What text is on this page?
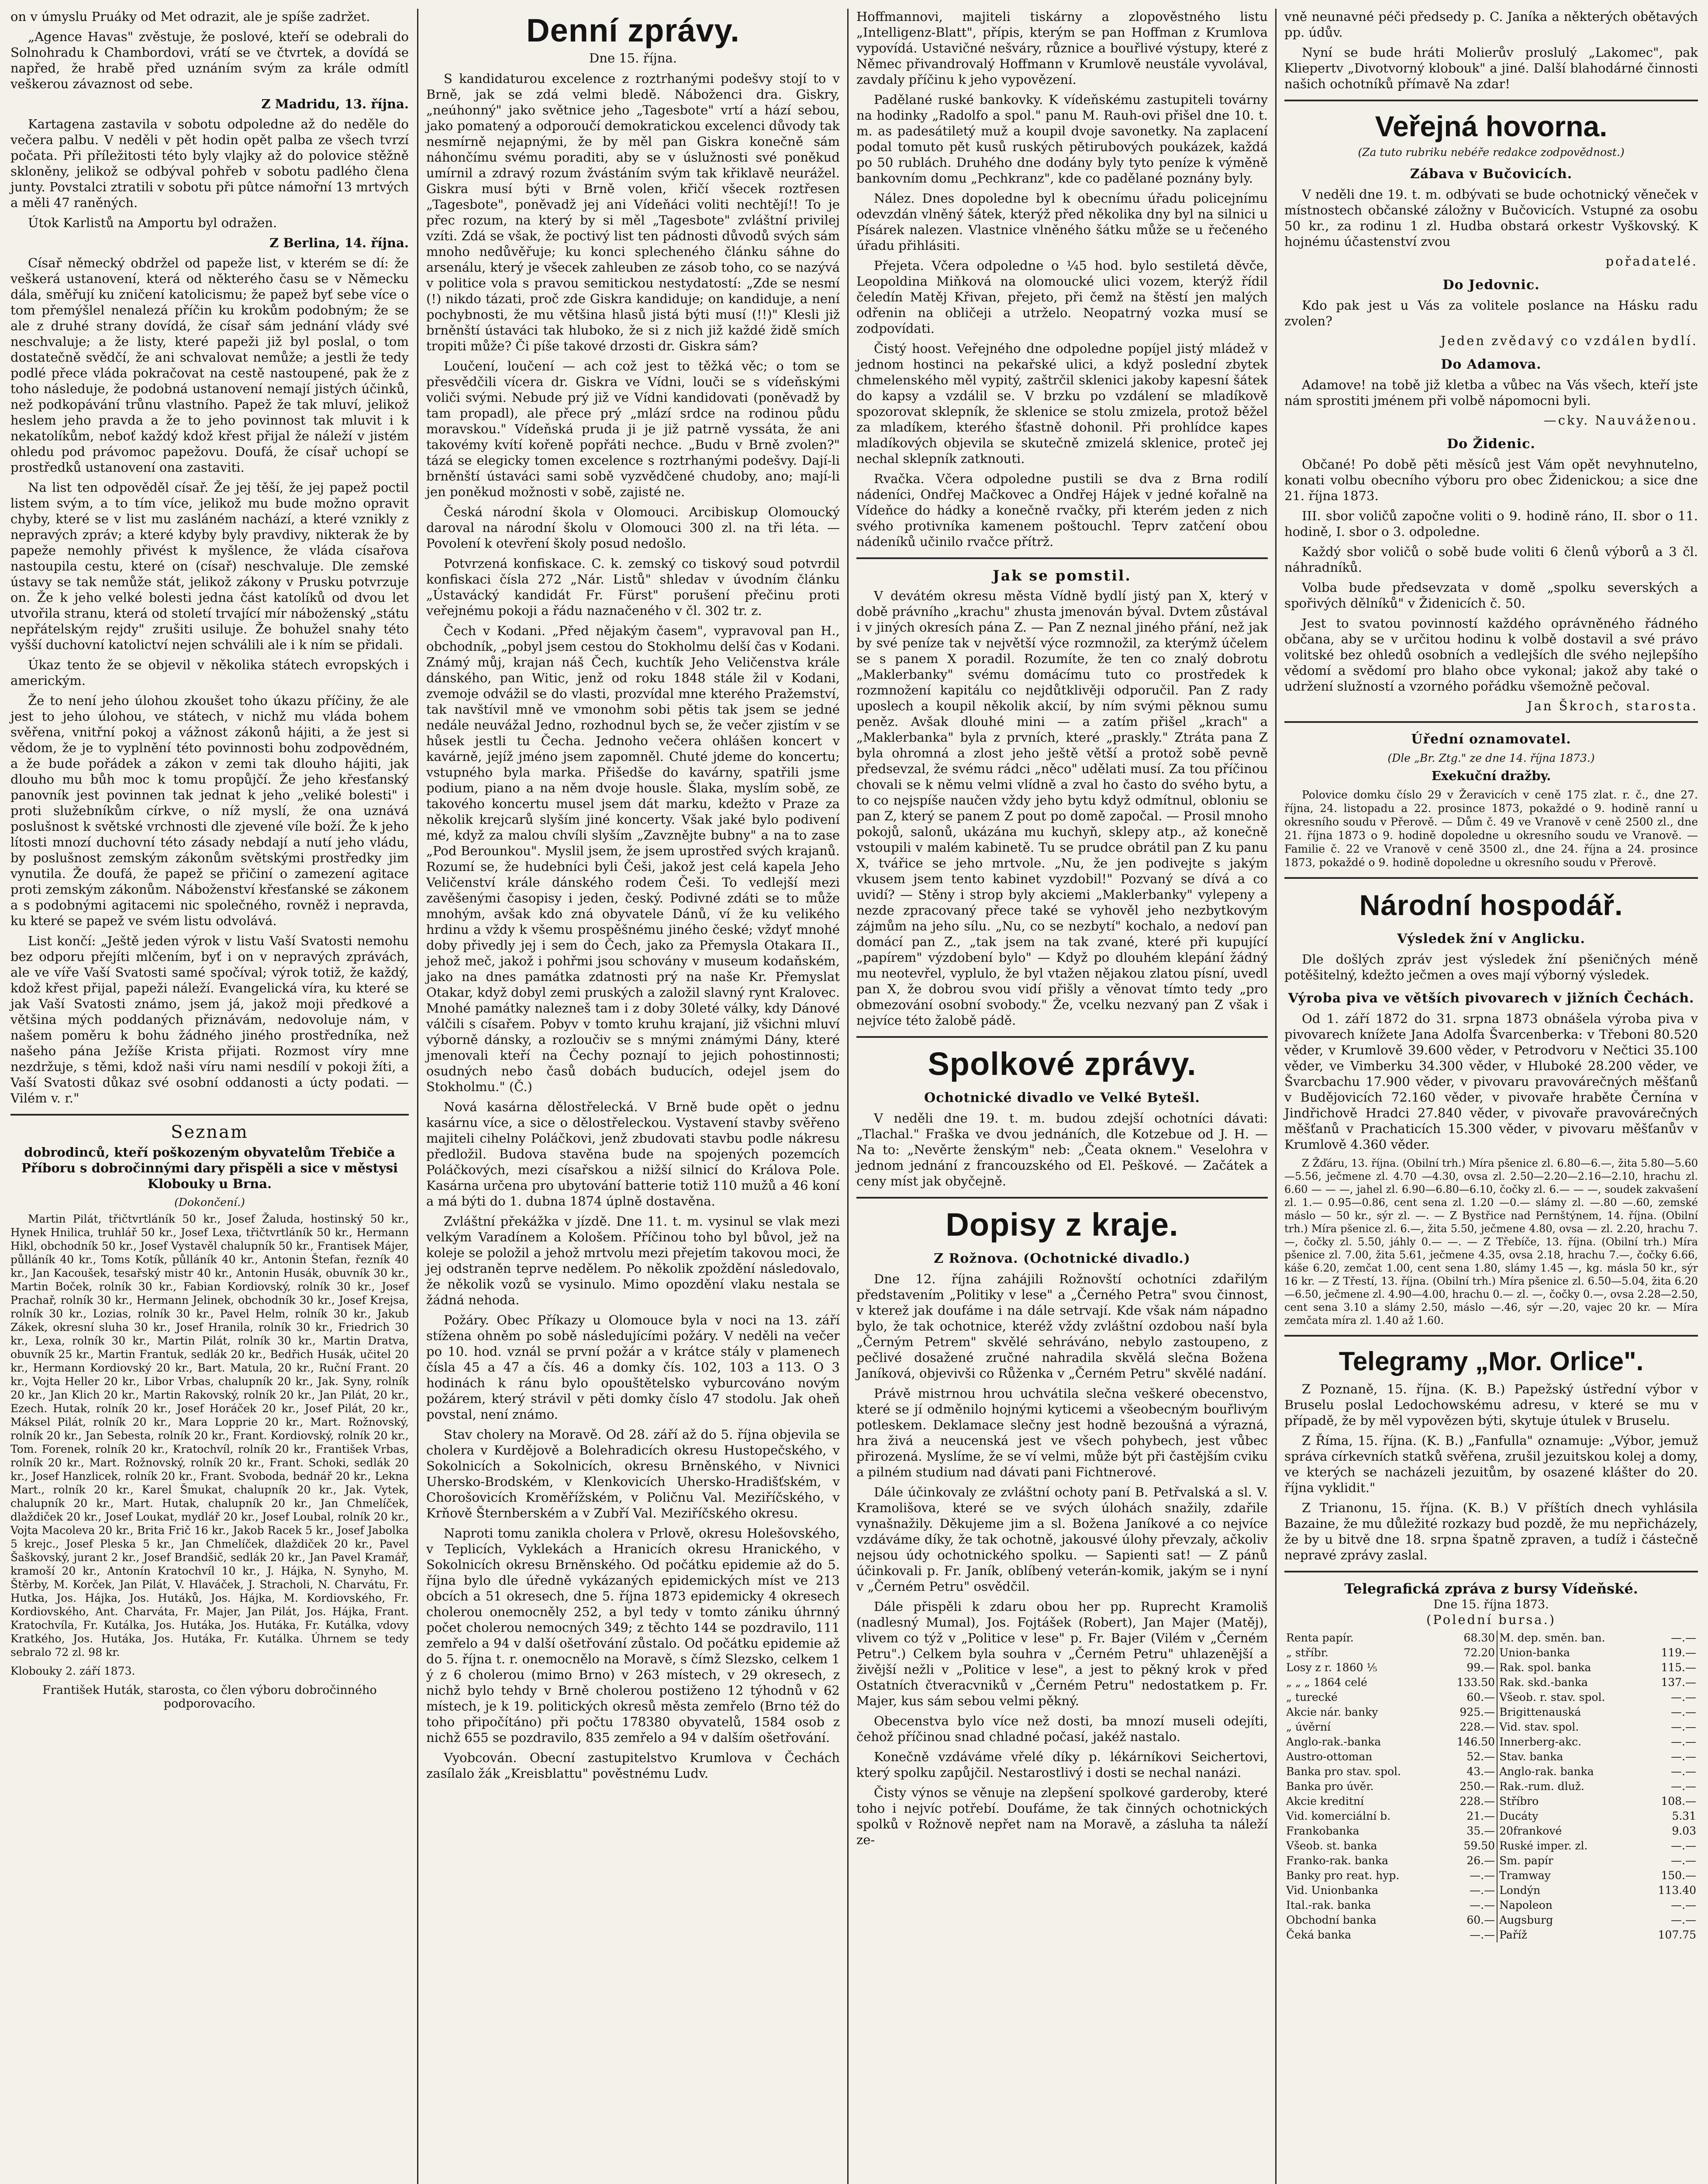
on v úmyslu Pruáky od Met odrazit, ale je spíše zadržet.

„Agence Havas" zvěstuje, že poslové, kteří se odebrali do Solnohradu k Chambordovi, vrátí se ve čtvrtek, a dovídá se napřed, že hrabě před uznáním svým za krále odmítl veškerou závaznost od sebe.

Z Madridu, 13. října.

Kartagena zastavila v sobotu odpoledne až do neděle do večera palbu. V neděli v pět hodin opět palba ze všech tvrzí počata. Při příležitosti této byly vlajky až do polovice stěžně skloněny, jelikož se odbýval pohřeb v sobotu padlého člena junty. Povstalci ztratili v sobotu při pûtce námořní 13 mrtvých a měli 47 raněných.

Útok Karlistů na Amportu byl odražen.

Z Berlina, 14. října.

Císař německý obdržel od papeže list, v kterém se dí: že veškerá ustanovení, která od některého času se v Německu dála, směřují ku zničení katolicismu; že papež byť sebe více o tom přemýšlel nenalezá příčin ku krokům podobným; že se ale z druhé strany dovídá, že císař sám jednání vlády své neschvaluje; a že listy, které papeži již byl poslal, o tom dostatečně svědčí, že ani schvalovat nemůže; a jestli že tedy podlé přece vláda pokračovat na cestě nastoupené, pak že z toho následuje, že podobná ustanovení nemají jistých účinků, než podkopávání trůnu vlastního. Papež že tak mluví, jelikož heslem jeho pravda a že to jeho povinnost tak mluvit i k nekatolíkům, neboť každý kdož křest přijal že náleží v jistém ohledu pod právomoc papežovu. Doufá, že císař uchopí se prostředků ustanovení ona zastaviti.

Na list ten odpověděl císař. Že jej těší, že jej papež poctil listem svým, a to tím více, jelikož mu bude možno opravit chyby, které se v list mu zasláném nachází, a které vznikly z nepravých zpráv; a které kdyby byly pravdivy, nikterak že by papeže nemohly přivést k myšlence, že vláda císařova nastoupila cestu, které on (císař) neschvaluje. Dle zemské ústavy se tak nemůže stát, jelikož zákony v Prusku potvrzuje on. Že k jeho velké bolesti jedna část katolíků od dvou let utvořila stranu, která od století trvající mír náboženský „státu nepřátelským rejdy" zrušiti usiluje. Že bohužel snahy této vyšší duchovní katolictví nejen schválili ale i k ním se přidali.

Úkaz tento že se objevil v několika státech evropských i americkým.

Že to není jeho úlohou zkoušet toho úkazu příčiny, že ale jest to jeho úlohou, ve státech, v nichž mu vláda bohem svěřena, vnitřní pokoj a vážnost zákonů hájiti, a že jest si vědom, že je to vyplnění této povinnosti bohu zodpovědném, a že bude pořádek a zákon v zemi tak dlouho hájiti, jak dlouho mu bůh moc k tomu propůjčí. Že jeho křesťanský panovník jest povinnen tak jednat k jeho „veliké bolesti" i proti služebníkům církve, o níž myslí, že ona uznává poslušnost k světské vrchnosti dle zjevené víle boží. Že k jeho lítosti mnozí duchovní této zásady nebdají a nutí jeho vládu, by poslušnost zemským zákonům světskými prostředky jim vynutila. Že doufá, že papež se přičiní o zamezení agitace proti zemským zákonům. Náboženství křesťanské se zákonem a s podobnými agitacemi nic společného, rovněž i nepravda, ku které se papež ve svém listu odvolává.

List končí: „Ještě jeden výrok v listu Vaší Svatosti nemohu bez odporu přejíti mlčením, byť i on v nepravých zprávách, ale ve víře Vaší Svatosti samé spočíval; výrok totiž, že každý, kdož křest přijal, papeži náleží. Evangelická víra, ku které se jak Vaší Svatosti známo, jsem já, jakož moji předkové a většina mých poddaných přiznávám, nedovoluje nám, v našem poměru k bohu žádného jiného prostředníka, než našeho pána Ježíše Krista přijati. Rozmost víry mne nezdržuje, s těmi, kdož naši víru nami nesdílí v pokoji žíti, a Vaší Svatosti důkaz své osobní oddanosti a úcty podati. — Vilém v. r."

Seznam

dobrodinců, kteří poškozeným obyvatelům Třebiče a Příboru s dobročinnými dary přispěli a sice v městysi Klobouky u Brna.

(Dokončení.)

Martin Pilát, třičtvrtláník 50 kr., Josef Žaluda, hostinský 50 kr., Hynek Hnilica, truhlář 50 kr., Josef Lexa, třičtvrtláník 50 kr., Hermann Hikl, obchodník 50 kr., Josef Vystavěl chalupník 50 kr., Frantisek Májer, půlláník 40 kr., Toms Kotík, půlláník 40 kr., Antonin Štefan, řezník 40 kr., Jan Kacoušek, tesařský mistr 40 kr., Antonin Husák, obuvník 30 kr., Martin Boček, rolník 30 kr., Fabian Kordiovský, rolník 30 kr., Josef Prachař, rolník 30 kr., Hermann Jelinek, obchodník 30 kr., Josef Krejsa, rolník 30 kr., Lozias, rolník 30 kr., Pavel Helm, rolník 30 kr., Jakub Zákek, okresní sluha 30 kr., Josef Hranila, rolník 30 kr., Friedrich 30 kr., Lexa, rolník 30 kr., Martin Pilát, rolník 30 kr., Martin Dratva, obuvník 25 kr., Martin Frantuk, sedlák 20 kr., Bedřich Husák, učitel 20 kr., Hermann Kordiovský 20 kr., Bart. Matula, 20 kr., Ruční Frant. 20 kr., Vojta Heller 20 kr., Libor Vrbas, chalupník 20 kr., Jak. Syny, rolník 20 kr., Jan Klich 20 kr., Martin Rakovský, rolník 20 kr., Jan Pilát, 20 kr., Ezech. Hutak, rolník 20 kr., Josef Horáček 20 kr., Josef Pilát, 20 kr., Máksel Pilát, rolník 20 kr., Mara Lopprie 20 kr., Mart. Rožnovský, rolník 20 kr., Jan Sebesta, rolník 20 kr., Frant. Kordiovský, rolník 20 kr., Tom. Forenek, rolník 20 kr., Kratochvíl, rolník 20 kr., František Vrbas, rolník 20 kr., Mart. Rožnovský, rolník 20 kr., Frant. Schoki, sedlák 20 kr., Josef Hanzlicek, rolník 20 kr., Frant. Svoboda, bednář 20 kr., Lekna Mart., rolník 20 kr., Karel Šmukat, chalupník 20 kr., Jak. Vytek, chalupník 20 kr., Mart. Hutak, chalupník 20 kr., Jan Chmelíček, dlaždiček 20 kr., Josef Loukat, mydlář 20 kr., Josef Loubal, rolník 20 kr., Vojta Macoleva 20 kr., Brita Frič 16 kr., Jakob Racek 5 kr., Josef Jabolka 5 krejc., Josef Pleska 5 kr., Jan Chmelíček, dlaždiček 20 kr., Pavel Šaškovský, jurant 2 kr., Josef Brandšič, sedlák 20 kr., Jan Pavel Kramář, kramoší 20 kr., Antonín Kratochvíl 10 kr., J. Hájka, N. Synyho, M. Štěrby, M. Korček, Jan Pilát, V. Hlaváček, J. Stracholi, N. Charvátu, Fr. Hutka, Jos. Hájka, Jos. Hutáků, Jos. Hájka, M. Kordiovského, Fr. Kordiovského, Ant. Charváta, Fr. Majer, Jan Pilát, Jos. Hájka, Frant. Kratochvíla, Fr. Kutálka, Jos. Hutáka, Jos. Hutáka, Fr. Kutálka, vdovy Kratkého, Jos. Hutáka, Jos. Hutáka, Fr. Kutálka. Úhrnem se tedy sebralo 72 zl. 98 kr.

Klobouky 2. září 1873.

František Huták, starosta, co člen výboru dobročinného podporovacího.

Denní zprávy.
Dne 15. října.

S kandidaturou excelence z roztrhanými podešvy stojí to v Brně, jak se zdá velmi bledě. Náboženci dra. Giskry, „neúhonný" jako světnice jeho „Tagesbote" vrtí a hází sebou, jako pomatený a odporoučí demokratickou excelenci důvody tak nesmírně nejapnými, že by měl pan Giskra konečně sám náhončímu svému poraditi, aby se v úslužnosti své poněkud umírnil a zdravý rozum žvástáním svým tak křiklavě neurážel. Giskra musí býti v Brně volen, křičí všecek roztřesen „Tagesbote", poněvadž jej ani Vídeňáci voliti nechtějí!! To je přec rozum, na který by si měl „Tagesbote" zvláštní privilej vzíti. Zdá se však, že poctivý list ten pádnosti důvodů svých sám mnoho nedůvěřuje; ku konci splecheného článku sáhne do arsenálu, který je všecek zahleuben ze zásob toho, co se nazývá v politice vola s pravou semitickou nestydatostí: „Zde se nesmí (!) nikdo tázati, proč zde Giskra kandiduje; on kandiduje, a není pochybnosti, že mu většina hlasů jistá býti musí (!!)" Klesli již brněnští ústaváci tak hluboko, že si z nich již každé židě smích tropiti může? Či píše takové drzosti dr. Giskra sám?

Loučení, loučení — ach což jest to těžká věc; o tom se přesvědčili vícera dr. Giskra ve Vídni, louči se s vídeňskými voliči svými. Nebude prý již ve Vídni kandidovati (poněvadž by tam propadl), ale přece prý „mlází srdce na rodinou půdu moravskou." Vídeňská pruda ji je již patrně vyssáta, že ani takovémy kvítí kořeně popřáti nechce. „Budu v Brně zvolen?" tázá se elegicky tomen excelence s roztrhanými podešvy. Dají-li brněnští ústaváci sami sobě vyzvědčené chudoby, ano; mají-li jen poněkud možnosti v sobě, zajisté ne.

Česká národní škola v Olomouci. Arcibiskup Olomoucký daroval na národní školu v Olomouci 300 zl. na tři léta. — Povolení k otevření školy posud nedošlo.

Potvrzená konfiskace. C. k. zemský co tiskový soud potvrdil konfiskaci čísla 272 „Nár. Listů" shledav v úvodním článku „Ústavácký kandidát Fr. Fürst" porušení přečinu proti veřejnému pokoji a řádu naznačeného v čl. 302 tr. z.

Čech v Kodani. „Před nějakým časem", vypravoval pan H., obchodník, „pobyl jsem cestou do Stokholmu delší čas v Kodani. Známý můj, krajan náš Čech, kuchtík Jeho Veličenstva krále dánského, pan Witic, jenž od roku 1848 stále žil v Kodani, zvemoje odvážil se do vlasti, prozvídal mne kterého Pražemství, tak navštívil mně ve vmonohm sobi pětis tak jsem se jedné nedále neuvážal Jedno, rozhodnul bych se, že večer zjistím v se hůsek jestli tu Čecha. Jednoho večera ohlášen koncert v kavárně, jejíž jméno jsem zapomněl. Chuté jdeme do koncertu; vstupného byla marka. Přišedše do kavárny, spatřili jsme podium, piano a na něm dvoje housle. Šlaka, myslím sobě, ze takového koncertu musel jsem dát marku, kdežto v Praze za několik krejcarů slyším jiné koncerty. Však jaké bylo podivení mé, když za malou chvíli slyším „Zavznějte bubny" a na to zase „Pod Berounkou". Myslil jsem, že jsem uprostřed svých krajanů. Rozumí se, že hudebníci byli Češi, jakož jest celá kapela Jeho Veličenství krále dánského rodem Češi. To vedlejší mezi zavěšenými časopisy i jeden, český. Podivné zdáti se to může mnohým, avšak kdo zná obyvatele Dánů, ví že ku velikého hrdinu a vždy k všemu prospěšnému jiného české; vždyť mnohé doby přivedly jej i sem do Čech, jako za Přemysla Otakara II., jehož meč, jakož i pohřmi jsou schovány v museum kodaňském, jako na dnes památka zdatnosti prý na naše Kr. Přemyslat Otakar, když dobyl zemi pruských a založil slavný rynt Kralovec. Mnohé památky nalezneš tam i z doby 30leté války, kdy Dánové válčili s císařem. Pobyv v tomto kruhu krajaní, již všichni mluví výborně dánsky, a rozloučiv se s mnými známými Dány, které jmenovali kteří na Čechy poznají to jejich pohostinnosti; osudných nebo časů dobách buducích, odejel jsem do Stokholmu." (Č.)

Nová kasárna dělostřelecká. V Brně bude opět o jednu kasárnu více, a sice o dělostřeleckou. Vystavení stavby svěřeno majiteli cihelny Poláčkovi, jenž zbudovati stavbu podle nákresu předložil. Budova stavěna bude na spojených pozemcích Poláčkových, mezi císařskou a nižší silnicí do Králova Pole. Kasárna určena pro ubytování batterie totiž 110 mužů a 46 koní a má býti do 1. dubna 1874 úplně dostavěna.

Zvláštní překážka v jízdě. Dne 11. t. m. vysinul se vlak mezi velkým Varadínem a Kološem. Příčinou toho byl bůvol, jež na koleje se položil a jehož mrtvolu mezi přejetím takovou moci, že jej odstraněn teprve nedělem. Po několik zpoždění následovalo, že několik vozů se vysinulo. Mimo opozdění vlaku nestala se žádná nehoda.

Požáry. Obec Příkazy u Olomouce byla v noci na 13. září stížena ohněm po sobě následujícími požáry. V neděli na večer po 10. hod. vznál se první požár a v krátce stály v plamenech čísla 45 a 47 a čís. 46 a domky čís. 102, 103 a 113. O 3 hodinách k ránu bylo opouštětelsko vyburcováno novým požárem, který strávil v pěti domky číslo 47 stodolu. Jak oheň povstal, není známo.

Stav cholery na Moravě. Od 28. září až do 5. října objevila se cholera v Kurdějově a Bolehradicích okresu Hustopečského, v Sokolnicích a Sokolnicích, okresu Brněnského, v Nivnici Uhersko-Brodském, v Klenkovicích Uhersko-Hradišťském, v Chorošovicích Kroměřížském, v Poličnu Val. Meziříčského, v Krňově Šternberském a v Zubří Val. Meziříčského okresu.

Naproti tomu zanikla cholera v Prlově, okresu Holešovského, v Teplicích, Vyklekách a Hranicích okresu Hranického, v Sokolnicích okresu Brněnského. Od počátku epidemie až do 5. října bylo dle úředně vykázaných epidemických míst ve 213 obcích a 51 okresech, dne 5. října 1873 epidemicky 4 okresech cholerou onemocněly 252, a byl tedy v tomto zániku úhrnný počet cholerou nemocných 349; z těchto 144 se pozdravilo, 111 zemřelo a 94 v další ošetřování zůstalo. Od počátku epidemie až do 5. října t. r. onemocnělo na Moravě, s čímž Slezsko, celkem 1 ý z 6 cholerou (mimo Brno) v 263 místech, v 29 okresech, z nichž bylo tehdy v Brně cholerou postiženo 12 týhodnů v 62 místech, je k 19. politických okresů města zemřelo (Brno též do toho připočítáno) při počtu 178380 obyvatelů, 1584 osob z nichž 655 se pozdravilo, 835 zemřelo a 94 v dalším ošetřování.

Vyobcován. Obecní zastupitelstvo Krumlova v Čechách zasílalo žák „Kreisblattu" pověstnému Ludv.

Hoffmannovi, majiteli tiskárny a zlopověstného listu „Intelligenz-Blatt", přípis, kterým se pan Hoffman z Krumlova vypovídá. Ustavičné nešváry, různice a bouřlivé výstupy, které z Němec přivandrovalý Hoffmann v Krumlově neustále vyvolával, zavdaly příčinu k jeho vypovězení.

Padělané ruské bankovky. K vídeňskému zastupiteli továrny na hodinky „Radolfo a spol." panu M. Rauh-ovi přišel dne 10. t. m. as padesátiletý muž a koupil dvoje savonetky. Na zaplacení podal tomuto pět kusů ruských pětirubových poukázek, každá po 50 rublách. Druhého dne dodány byly tyto peníze k výměně bankovním domu „Pechkranz", kde co padělané poznány byly.

Nález. Dnes dopoledne byl k obecnímu úřadu policejnímu odevzdán vlněný šátek, kterýž před několika dny byl na silnici u Písárek nalezen. Vlastnice vlněného šátku může se u řečeného úřadu přihlásiti.

Přejeta. Včera odpoledne o ¼5 hod. bylo sestiletá děvče, Leopoldina Miňková na olomoucké ulici vozem, kterýž řídil čeledín Matěj Křivan, přejeto, při čemž na štěstí jen malých odřenin na obličeji a utrželo. Neopatrný vozka musí se zodpovídati.

Čistý hoost. Veřejného dne odpoledne popíjel jistý mládež v jednom hostinci na pekařské ulici, a když poslední zbytek chmelenského měl vypitý, zaštrčil sklenici jakoby kapesní šátek do kapsy a vzdálil se. V brzku po vzdálení se mladíkově spozorovat sklepník, že sklenice se stolu zmizela, protož běžel za mladíkem, kterého šťastně dohonil. Při prohlídce kapes mladíkových objevila se skutečně zmizelá sklenice, proteč jej nechal sklepník zatknouti.

Rvačka. Včera odpoledne pustili se dva z Brna rodilí nádeníci, Ondřej Mačkovec a Ondřej Hájek v jedné kořalně na Vídeňce do hádky a konečně rvačky, při kterém jeden z nich svého protivníka kamenem poštouchl. Teprv zatčení obou nádeníků učinilo rvačce přítrž.

Jak se pomstil.

V devátém okresu města Vídně bydlí jistý pan X, který v době právního „krachu" zhusta jmenován býval. Dvtem zůstával i v jiných okresích pána Z. — Pan Z neznal jiného přání, než jak by své peníze tak v největší výce rozmnožil, za kterýmž účelem se s panem X poradil. Rozumíte, že ten co znalý dobrotu „Maklerbanky" svému domácímu tuto co prostředek k rozmnožení kapitálu co nejdůtklivěji odporučil. Pan Z rady uposlech a koupil několik akcií, by ním svými pěknou sumu peněz. Avšak dlouhé mini — a zatím přišel „krach" a „Maklerbanka" byla z prvních, které „praskly." Ztráta pana Z byla ohromná a zlost jeho ještě větší a protož sobě pevně předsevzal, že svému rádci „něco" udělati musí. Za tou příčinou chovali se k němu velmi vlídně a zval ho často do svého bytu, a to co nejspíše naučen vždy jeho bytu když odmítnul, obloniu se pan Z, který se panem Z pout po domě započal. — Prosil mnoho pokojů, salonů, ukázána mu kuchyň, sklepy atp., až konečně vstoupili v malém kabinetě. Tu se prudce obrátil pan Z ku panu X, tvářice se jeho mrtvole. „Nu, že jen podivejte s jakým vkusem jsem tento kabinet vyzdobil!" Pozvaný se dívá a co uvidí? — Stěny i strop byly akciemi „Maklerbanky" vylepeny a nezde zpracovaný přece také se vyhověl jeho nezbytkovým zájmům na jeho sílu. „Nu, co se nezbytí" kochalo, a nedoví pan domácí pan Z., „tak jsem na tak zvané, které při kupující „papírem" výzdobení bylo" — Když po dlouhém klepání žádný mu neotevřel, vyplulo, že byl vtažen nějakou zlatou písní, uvedl pan X, že dobrou svou vidí přišly a věnovat tímto tedy „pro obmezování osobní svobody." Že, vcelku nezvaný pan Z však i nejvíce této žalobě pádě.

Spolkové zprávy.
Ochotnické divadlo ve Velké Bytešl.

V neděli dne 19. t. m. budou zdejší ochotníci dávati: „Tlachal." Fraška ve dvou jednáních, dle Kotzebue od J. H. — Na to: „Nevěrte ženským" neb: „Čeata oknem." Veselohra v jednom jednání z francouzského od El. Peškové. — Začátek a ceny míst jak obyčejně.

Dopisy z kraje.
Z Rožnova. (Ochotnické divadlo.)

Dne 12. října zahájili Rožnovští ochotníci zdařilým představením „Politiky v lese" a „Černého Petra" svou činnost, v kterež jak doufáme i na dále setrvají. Kde však nám nápadno bylo, že tak ochotnice, kteréž vždy zvláštní ozdobou naší byla „Černým Petrem" skvělé sehráváno, nebylo zastoupeno, z pečlivé dosažené zručné nahradila skvělá slečna Božena Janíková, objevivši co Růženka v „Černém Petru" skvělé nadání.

Právě mistrnou hrou uchvátila slečna veškeré obecenstvo, které se jí odměnilo hojnými kyticemi a všeobecným bouřlivým potleskem. Deklamace slečny jest hodně bezoušná a výrazná, hra živá a neucenská jest ve všech pohybech, jest vůbec přirozená. Myslíme, že se ví velmi, může být při častějším cviku a pilném studium nad dávati pani Fichtnerové.

Dále účinkovaly ze zvláštní ochoty paní B. Petřvalská a sl. V. Kramolišova, které se ve svých úlohách snažily, zdařile vynašnažily. Děkujeme jim a sl. Božena Janíkové a co nejvíce vzdáváme díky, že tak ochotně, jakousvé úlohy převzaly, ačkoliv nejsou údy ochotnického spolku. — Sapienti sat! — Z pánů účinkovali p. Fr. Janík, oblíbený veterán-komik, jakým se i nyní v „Černém Petru" osvědčil.

Dále přispěli k zdaru obou her pp. Ruprecht Kramoliš (nadlesný Mumal), Jos. Fojtášek (Robert), Jan Majer (Matěj), vlivem co týž v „Politice v lese" p. Fr. Bajer (Vilém v „Černém Petru".) Celkem byla souhra v „Černém Petru" uhlazenější a živější nežli v „Politice v lese", a jest to pěkný krok v před Ostatních čtveracvniků v „Černém Petru" nedostatkem p. Fr. Majer, kus sám sebou velmi pěkný.

Obecenstva bylo více než dosti, ba mnozí museli odejíti, čehož příčinou snad chladné počasí, jakéž nastalo.

Konečně vzdáváme vřelé díky p. lékárníkovi Seichertovi, který spolku zapůjčil. Nestarostlivý i dosti se nechal nanázi.

Čisty výnos se věnuje na zlepšení spolkové garderoby, které toho i nejvíc potřebí. Doufáme, že tak činných ochotnických spolků v Rožnově nepřet nam na Moravě, a zásluha ta náleží ze-

vně neunavné péči předsedy p. C. Janíka a některých obětavých pp. údův.

Nyní se bude hráti Molierův proslulý „Lakomec", pak Kliepertv „Divotvorný klobouk" a jiné. Další blahodárné činnosti našich ochotníků přímavě Na zdar!

Veřejná hovorna.

(Za tuto rubriku nebéře redakce zodpovědnost.)

Zábava v Bučovicích.

V neděli dne 19. t. m. odbývati se bude ochotnický věneček v místnostech občanské záložny v Bučovicích. Vstupné za osobu 50 kr., za rodinu 1 zl. Hudba obstará orkestr Vyškovský. K hojnému účastenství zvou

pořadatelé.

Do Jedovnic.

Kdo pak jest u Vás za volitele poslance na Hásku radu zvolen?

Jeden zvědavý co vzdálen bydlí.

Do Adamova.

Adamove! na tobě již kletba a vůbec na Vás všech, kteří jste nám sprostiti jménem při volbě nápomocni byli.

—cky. Nauváženou.

Do Židenic.

Občané! Po době pěti měsíců jest Vám opět nevyhnutelno, konati volbu obecního výboru pro obec Židenickou; a sice dne 21. října 1873.

III. sbor voličů započne voliti o 9. hodině ráno, II. sbor o 11. hodině, I. sbor o 3. odpoledne.

Každý sbor voličů o sobě bude voliti 6 členů výborů a 3 čl. náhradníků.

Volba bude předsevzata v domě „spolku severských a spořivých dělníků" v Židenicích č. 50.

Jest to svatou povinností každého oprávněného řádného občana, aby se v určitou hodinu k volbě dostavil a své právo volitské bez ohledů osobních a vedlejších dle svého nejlepšího vědomí a svědomí pro blaho obce vykonal; jakož aby také o udržení služností a vzorného pořádku všemožně pečoval.

Jan Škroch, starosta.

Úřední oznamovatel.

(Dle „Br. Ztg." ze dne 14. října 1873.)

Exekuční dražby.

Polovice domku číslo 29 v Žeravicích v ceně 175 zlat. r. č., dne 27. října, 24. listopadu a 22. prosince 1873, pokaždé o 9. hodině ranní u okresního soudu v Přerově. — Dům č. 49 ve Vranově v ceně 2500 zl., dne 21. října 1873 o 9. hodině dopoledne u okresního soudu ve Vranově. — Familie č. 22 ve Vranově v ceně 3500 zl., dne 24. října a 24. prosince 1873, pokaždé o 9. hodině dopoledne u okresního soudu v Přerově.

Národní hospodář.
Výsledek žní v Anglicku.

Dle došlých zpráv jest výsledek žní pšeničných méně potěšitelný, kdežto ječmen a oves mají výborný výsledek.

Výroba piva ve větších pivovarech v jižních Čechách.

Od 1. září 1872 do 31. srpna 1873 obnášela výroba piva v pivovarech knížete Jana Adolfa Švarcenberka: v Třeboni 80.520 věder, v Krumlově 39.600 věder, v Petrodvoru v Nečtici 35.100 věder, ve Vimberku 34.300 věder, v Hluboké 28.200 věder, ve Švarcbachu 17.900 věder, v pivovaru pravovárečných měšťanů v Budějovicích 72.160 věder, v pivovaře hraběte Černína v Jindřichově Hradci 27.840 věder, v pivovaře pravovárečných měšťanů v Prachaticích 15.300 věder, v pivovaru měšťanův v Krumlově 4.360 věder.

Z Žďáru, 13. října. (Obilní trh.) Míra pšenice zl. 6.80—6.—, žita 5.80—5.60—5.56, ječmene zl. 4.70 —4.30, ovsa zl. 2.50—2.20—2.16—2.10, hrachu zl. 6.60 — — —, jahel zl. 6.90—6.80—6.10, čočky zl. 6.— — —, soudek zakvašení zl. 1.— 0.95—0.86, cent sena zl. 1.20 —0.— slámy zl. —.80 —.60, zemské máslo — 50 kr., sýr zl. —. — Z Bystřice nad Pernštýnem, 14. října. (Obilní trh.) Míra pšenice zl. 6.—, žita 5.50, ječmene 4.80, ovsa — zl. 2.20, hrachu 7.—, čočky zl. 5.50, jáhly 0.— —. — Z Třebíče, 13. října. (Obilní trh.) Míra pšenice zl. 7.00, žita 5.61, ječmene 4.35, ovsa 2.18, hrachu 7.—, čočky 6.66, káše 6.20, zemčat 1.00, cent sena 1.80, slámy 1.45 —, kg. másla 50 kr., sýr 16 kr. — Z Třestí, 13. října. (Obilní trh.) Míra pšenice zl. 6.50—5.04, žita 6.20—6.50, ječmene zl. 4.90—4.00, hrachu 0.— zl. —, čočky 0.—, ovsa 2.28—2.50, cent sena 3.10 a slámy 2.50, máslo —.46, sýr —.20, vajec 20 kr. — Míra zemčata míra zl. 1.40 až 1.60.

Telegramy „Mor. Orlice".

Z Poznaně, 15. října. (K. B.) Papežský ústřední výbor v Bruselu poslal Ledochowskému adresu, v které se mu v případě, že by měl vypovězen býti, skytuje útulek v Bruselu.

Z Říma, 15. října. (K. B.) „Fanfulla" oznamuje: „Výbor, jemuž správa církevních statků svěřena, zrušil jezuitskou kolej a domy, ve kterých se nacházeli jezuitům, by osazené klášter do 20. října vyklidit."

Z Trianonu, 15. října. (K. B.) V příštích dnech vyhlásila Bazaine, že mu důležité rozkazy bud pozdě, že mu nepřicházely, že by u bitvě dne 18. srpna špatně zpraven, a tudíž i částečně nepravé zprávy zaslal.

Telegrafická zpráva z bursy Vídeňské.
Dne 15. října 1873.
(Polední bursa.)
Renta papír.	68.30	M. dep. směn. ban.	—.—
„ stříbr.	72.20	Union-banka	119.—
Losy z r. 1860 ⅕	99.—	Rak. spol. banka	115.—
„ „ „ 1864 celé	133.50	Rak. skd.-banka	137.—
„ turecké	60.—	Všeob. r. stav. spol.	—.—
Akcie nár. banky	925.—	Brigittenauská	—.—
„ úvěrní	228.—	Vid. stav. spol.	—.—
Anglo-rak.-banka	146.50	Innerberg-akc.	—.—
Austro-ottoman	52.—	Stav. banka	—.—
Banka pro stav. spol.	43.—	Anglo-rak. banka	—.—
Banka pro úvěr.	250.—	Rak.-rum. dluž.	—.—
Akcie kreditní	228.—	Stříbro	108.—
Vid. komerciální b.	21.—	Ducáty	5.31
Frankobanka	35.—	20frankové	9.03
Všeob. st. banka	59.50	Ruské imper. zl.	—.—
Franko-rak. banka	26.—	Sm. papír	—.—
Banky pro reat. hyp.	—.—	Tramway	150.—
Vid. Unionbanka	—.—	Londýn	113.40
Ital.-rak. banka	—.—	Napoleon	—.—
Obchodní banka	60.—	Augsburg	—.—
Čeká banka	—.—	Paříž	107.75
